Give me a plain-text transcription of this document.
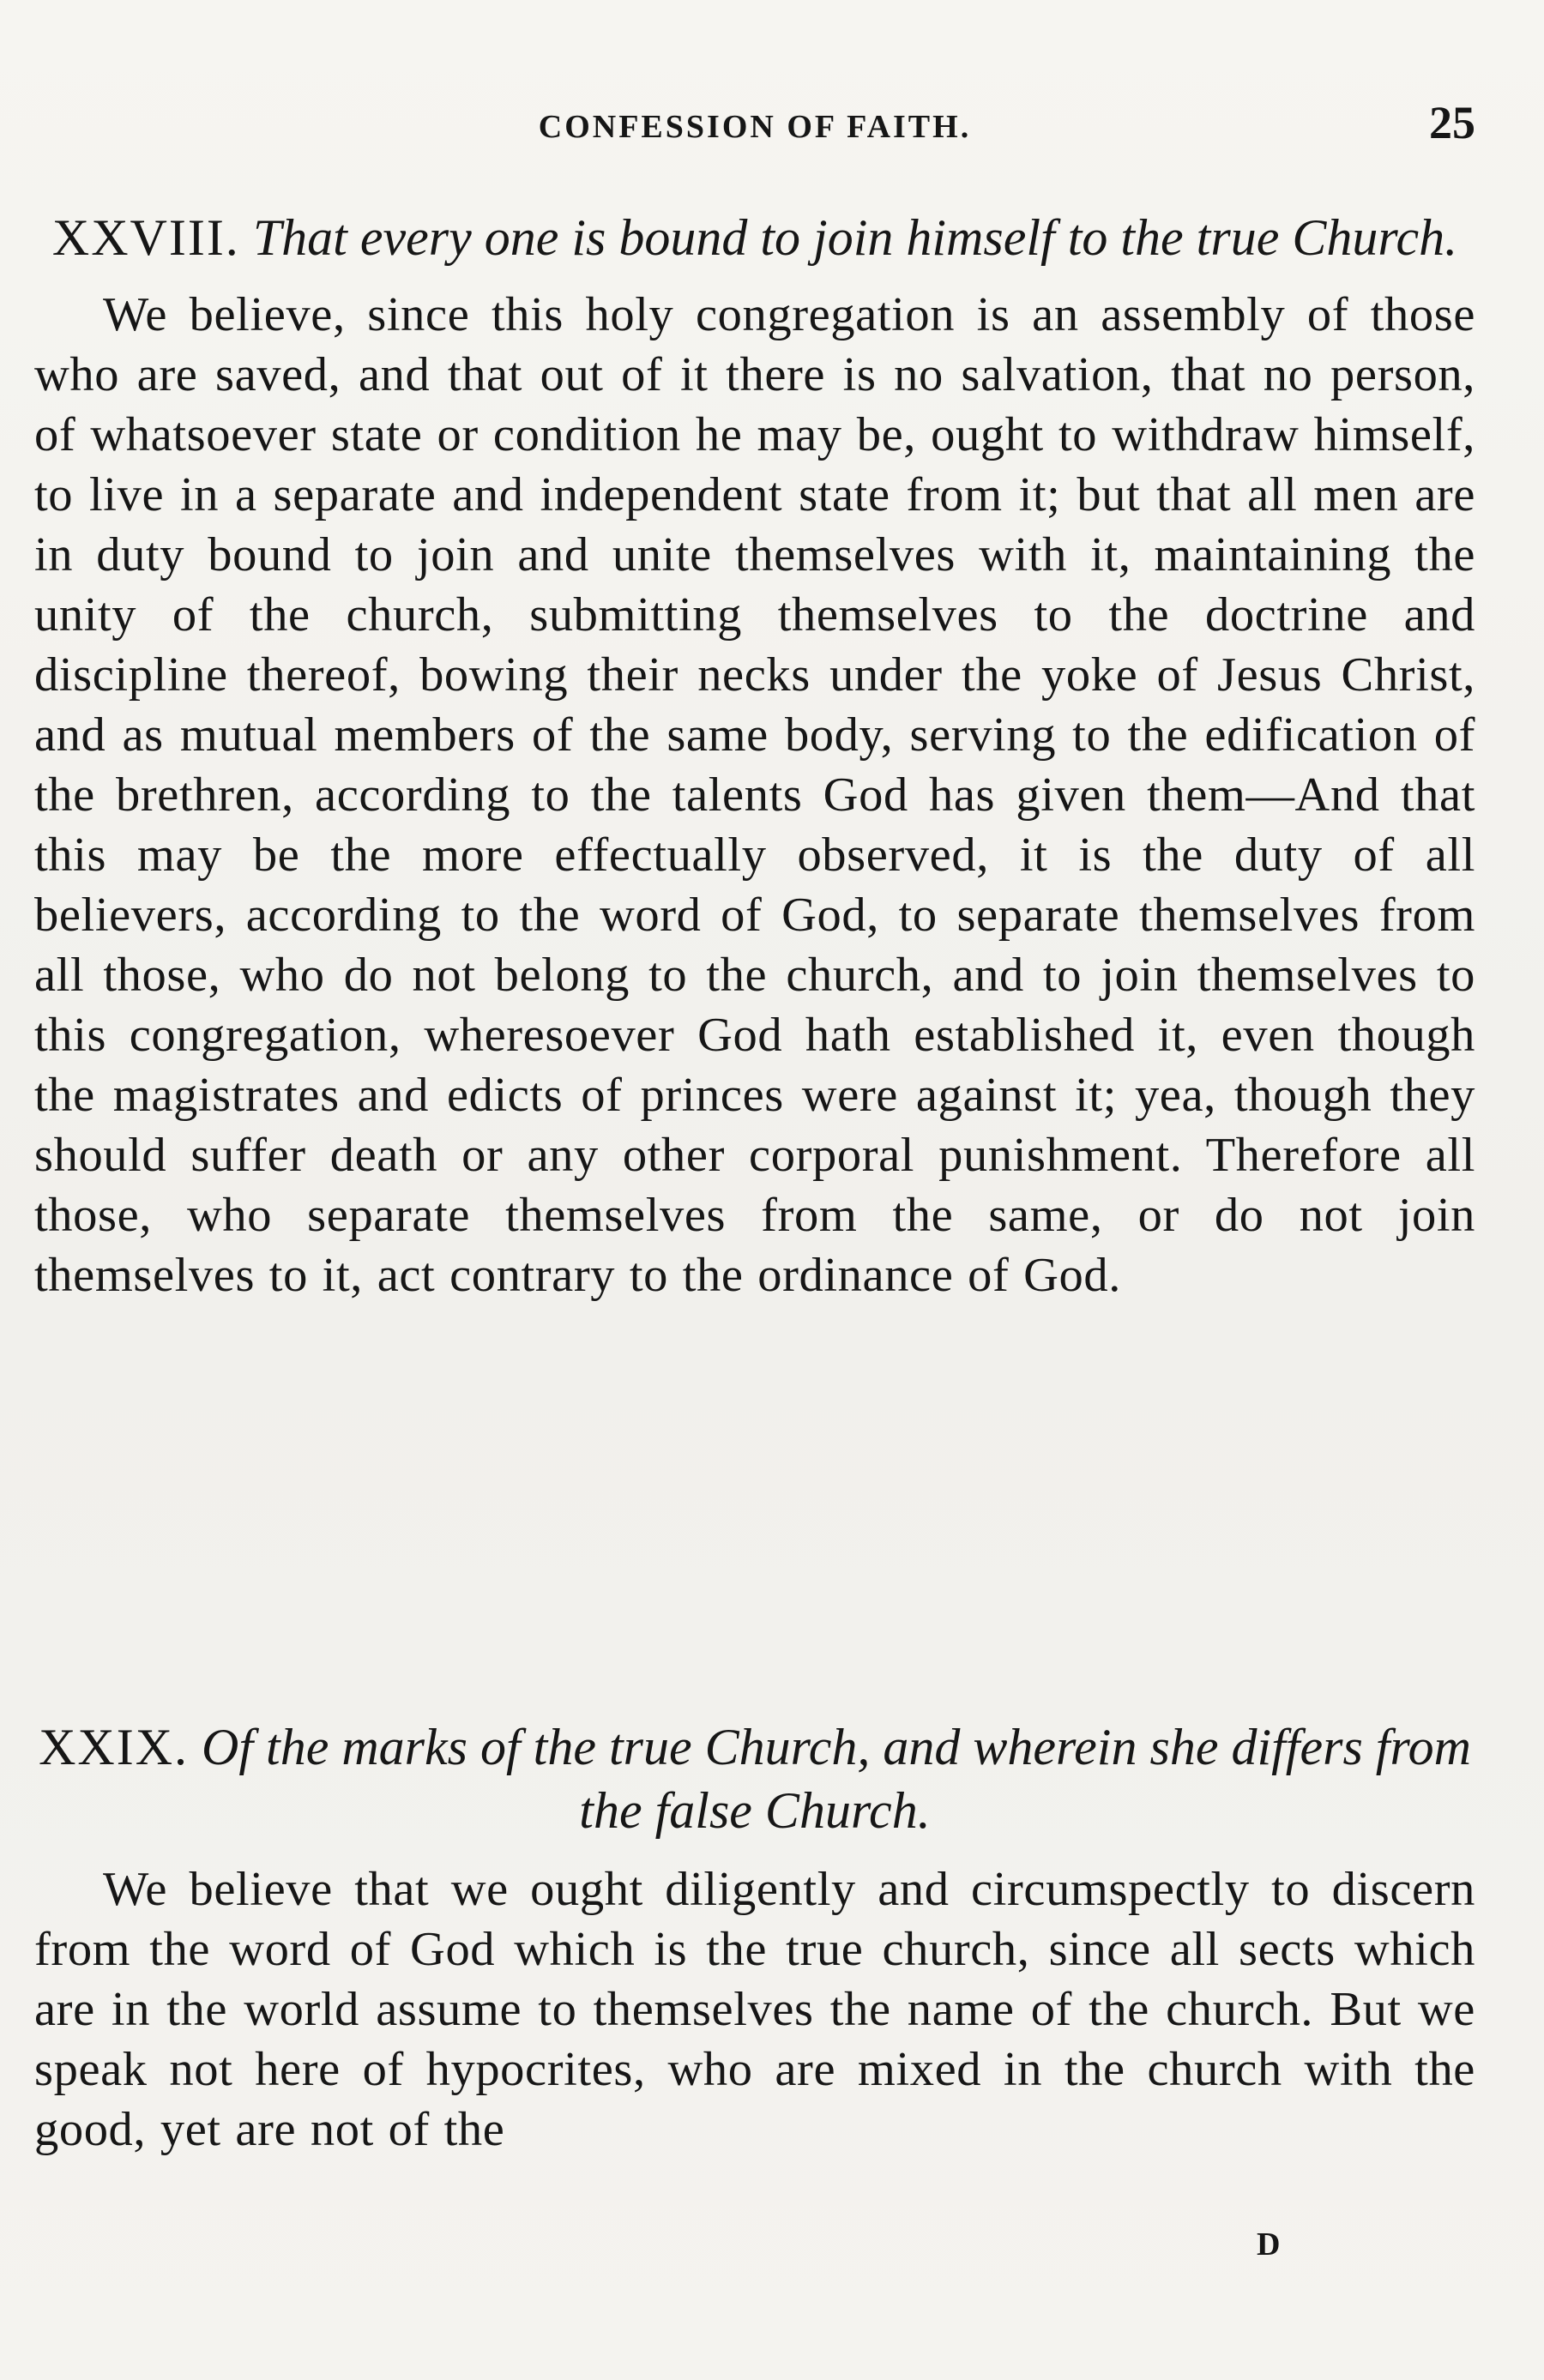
CONFESSION OF FAITH.	25

XXVIII. That every one is bound to join himself to the true Church.

We believe, since this holy congregation is an assembly of those who are saved, and that out of it there is no salvation, that no person, of whatsoever state or condition he may be, ought to withdraw himself, to live in a separate and independent state from it; but that all men are in duty bound to join and unite themselves with it, maintaining the unity of the church, submitting themselves to the doctrine and discipline thereof, bowing their necks under the yoke of Jesus Christ, and as mutual members of the same body, serving to the edification of the brethren, according to the talents God has given them—And that this may be the more effectually observed, it is the duty of all believers, according to the word of God, to separate themselves from all those, who do not belong to the church, and to join themselves to this congregation, wheresoever God hath established it, even though the magistrates and edicts of princes were against it; yea, though they should suffer death or any other corporal punishment. Therefore all those, who separate themselves from the same, or do not join themselves to it, act contrary to the ordinance of God.

XXIX. Of the marks of the true Church, and wherein she differs from the false Church.

We believe that we ought diligently and circumspectly to discern from the word of God which is the true church, since all sects which are in the world assume to themselves the name of the church. But we speak not here of hypocrites, who are mixed in the church with the good, yet are not of the

D
